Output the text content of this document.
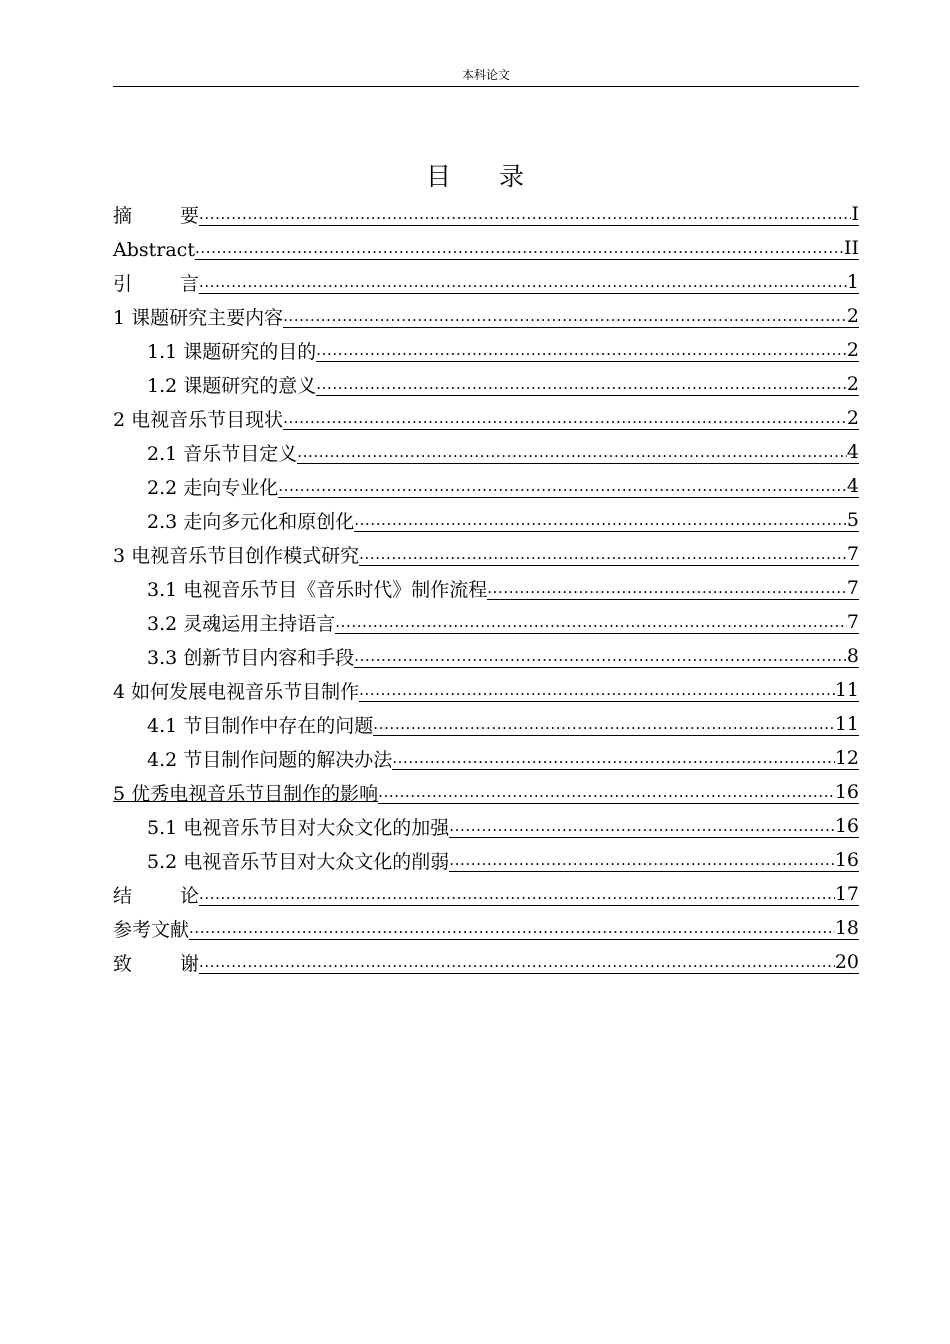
本科论文
目 录
摘	要 .....	I
Abstract .....	II
引	言 .....	1
1 课题研究主要内容 .....	2
1.1 课题研究的目的 .....	2
1.2 课题研究的意义 .....	2
2 电视音乐节目现状 .....	2
2.1 音乐节目定义 .....	4
2.2 走向专业化 .....	4
2.3 走向多元化和原创化 .....	5
3 电视音乐节目创作模式研究 .....	7
3.1 电视音乐节目《音乐时代》制作流程 .....	7
3.2 灵魂运用主持语言 .....	7
3.3 创新节目内容和手段 .....	8
4 如何发展电视音乐节目制作 .....	11
4.1 节目制作中存在的问题 .....	11
4.2 节目制作问题的解决办法 .....	12
5 优秀电视音乐节目制作的影响 .....	16
5.1 电视音乐节目对大众文化的加强 .....	16
5.2 电视音乐节目对大众文化的削弱 .....	16
结	论 .....	17
参考文献 .....	18
致	谢 .....	20
